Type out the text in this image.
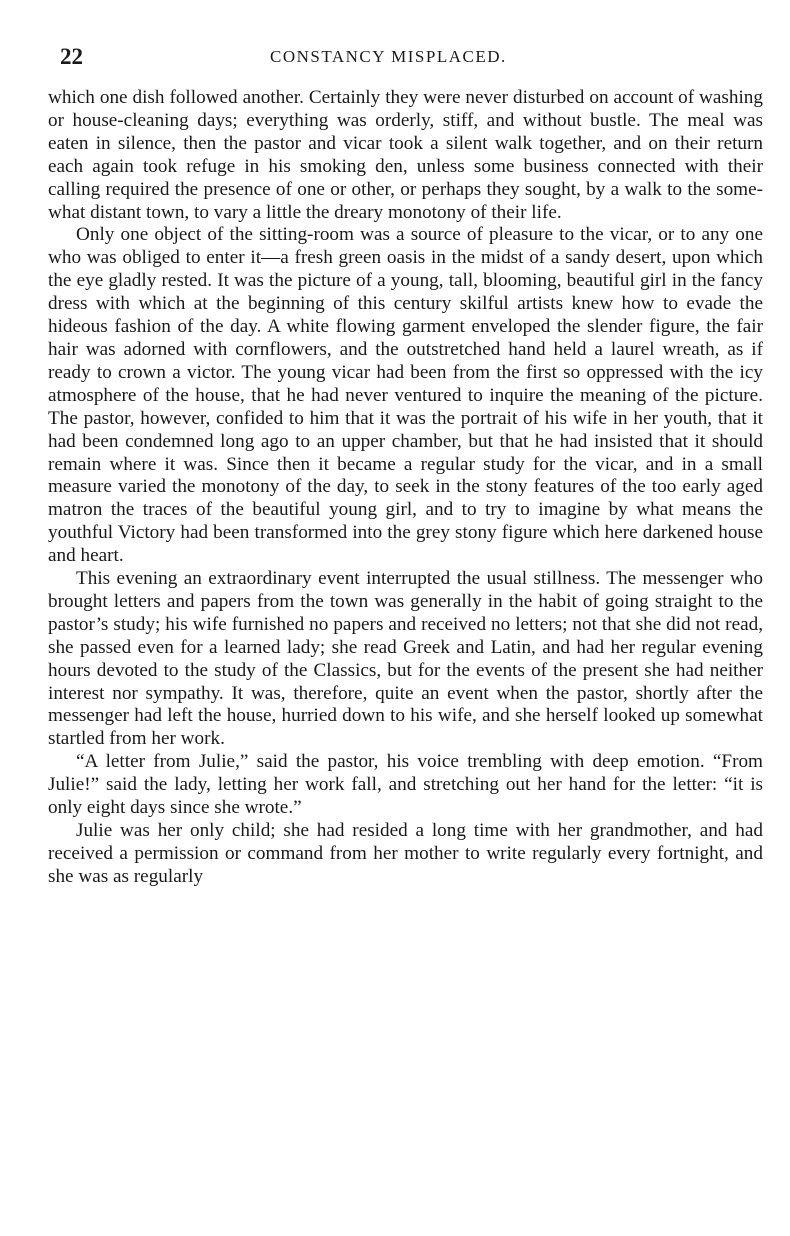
22	CONSTANCY MISPLACED.

which one dish followed another. Certainly they were never disturbed on account of washing or house-cleaning days; everything was orderly, stiff, and without bustle. The meal was eaten in silence, then the pastor and vicar took a silent walk together, and on their return each again took refuge in his smoking den, unless some business connected with their calling required the presence of one or other, or perhaps they sought, by a walk to the somewhat distant town, to vary a little the dreary monotony of their life.

Only one object of the sitting-room was a source of pleasure to the vicar, or to any one who was obliged to enter it—a fresh green oasis in the midst of a sandy desert, upon which the eye gladly rested. It was the picture of a young, tall, blooming, beautiful girl in the fancy dress with which at the beginning of this century skilful artists knew how to evade the hideous fashion of the day. A white flowing garment enveloped the slender figure, the fair hair was adorned with cornflowers, and the outstretched hand held a laurel wreath, as if ready to crown a victor. The young vicar had been from the first so oppressed with the icy atmosphere of the house, that he had never ventured to inquire the meaning of the picture. The pastor, however, confided to him that it was the portrait of his wife in her youth, that it had been condemned long ago to an upper chamber, but that he had insisted that it should remain where it was. Since then it became a regular study for the vicar, and in a small measure varied the monotony of the day, to seek in the stony features of the too early aged matron the traces of the beautiful young girl, and to try to imagine by what means the youthful Victory had been transformed into the grey stony figure which here darkened house and heart.

This evening an extraordinary event interrupted the usual stillness. The messenger who brought letters and papers from the town was generally in the habit of going straight to the pastor’s study; his wife furnished no papers and received no letters; not that she did not read, she passed even for a learned lady; she read Greek and Latin, and had her regular evening hours devoted to the study of the Classics, but for the events of the present she had neither interest nor sympathy. It was, therefore, quite an event when the pastor, shortly after the messenger had left the house, hurried down to his wife, and she herself looked up somewhat startled from her work.

“A letter from Julie,” said the pastor, his voice trembling with deep emotion. “From Julie!” said the lady, letting her work fall, and stretching out her hand for the letter: “it is only eight days since she wrote.”

Julie was her only child; she had resided a long time with her grandmother, and had received a permission or command from her mother to write regularly every fortnight, and she was as regularly
